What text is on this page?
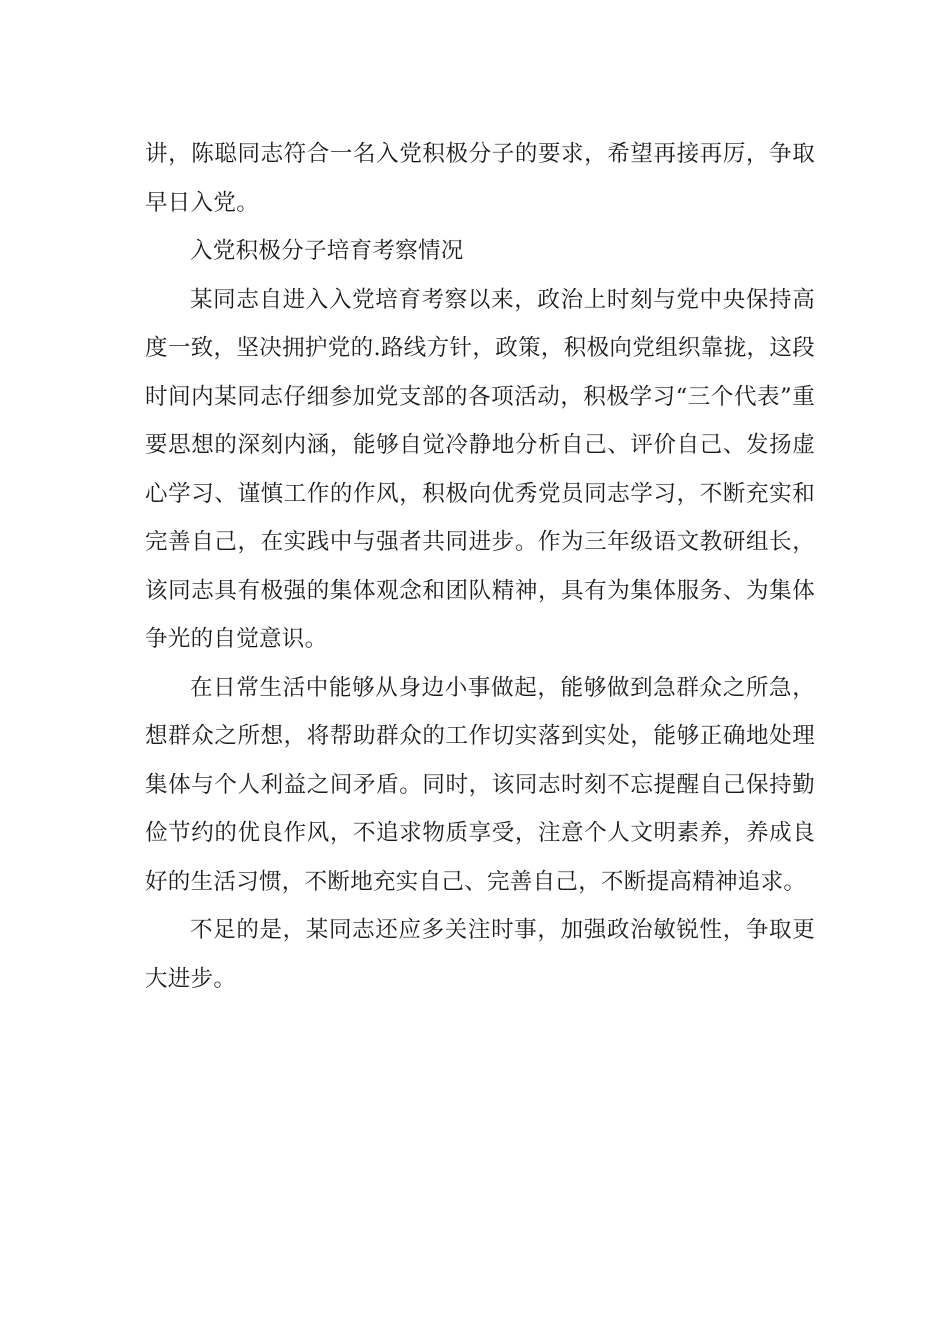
讲，陈聪同志符合一名入党积极分子的要求，希望再接再厉，争取早日入党。

入党积极分子培育考察情况

某同志自进入入党培育考察以来，政治上时刻与党中央保持高度一致，坚决拥护党的.路线方针，政策，积极向党组织靠拢，这段时间内某同志仔细参加党支部的各项活动，积极学习“三个代表”重要思想的深刻内涵，能够自觉冷静地分析自己、评价自己、发扬虚心学习、谨慎工作的作风，积极向优秀党员同志学习，不断充实和完善自己，在实践中与强者共同进步。作为三年级语文教研组长，该同志具有极强的集体观念和团队精神，具有为集体服务、为集体争光的自觉意识。

在日常生活中能够从身边小事做起，能够做到急群众之所急，想群众之所想，将帮助群众的工作切实落到实处，能够正确地处理集体与个人利益之间矛盾。同时，该同志时刻不忘提醒自己保持勤俭节约的优良作风，不追求物质享受，注意个人文明素养，养成良好的生活习惯，不断地充实自己、完善自己，不断提高精神追求。

不足的是，某同志还应多关注时事，加强政治敏锐性，争取更大进步。
